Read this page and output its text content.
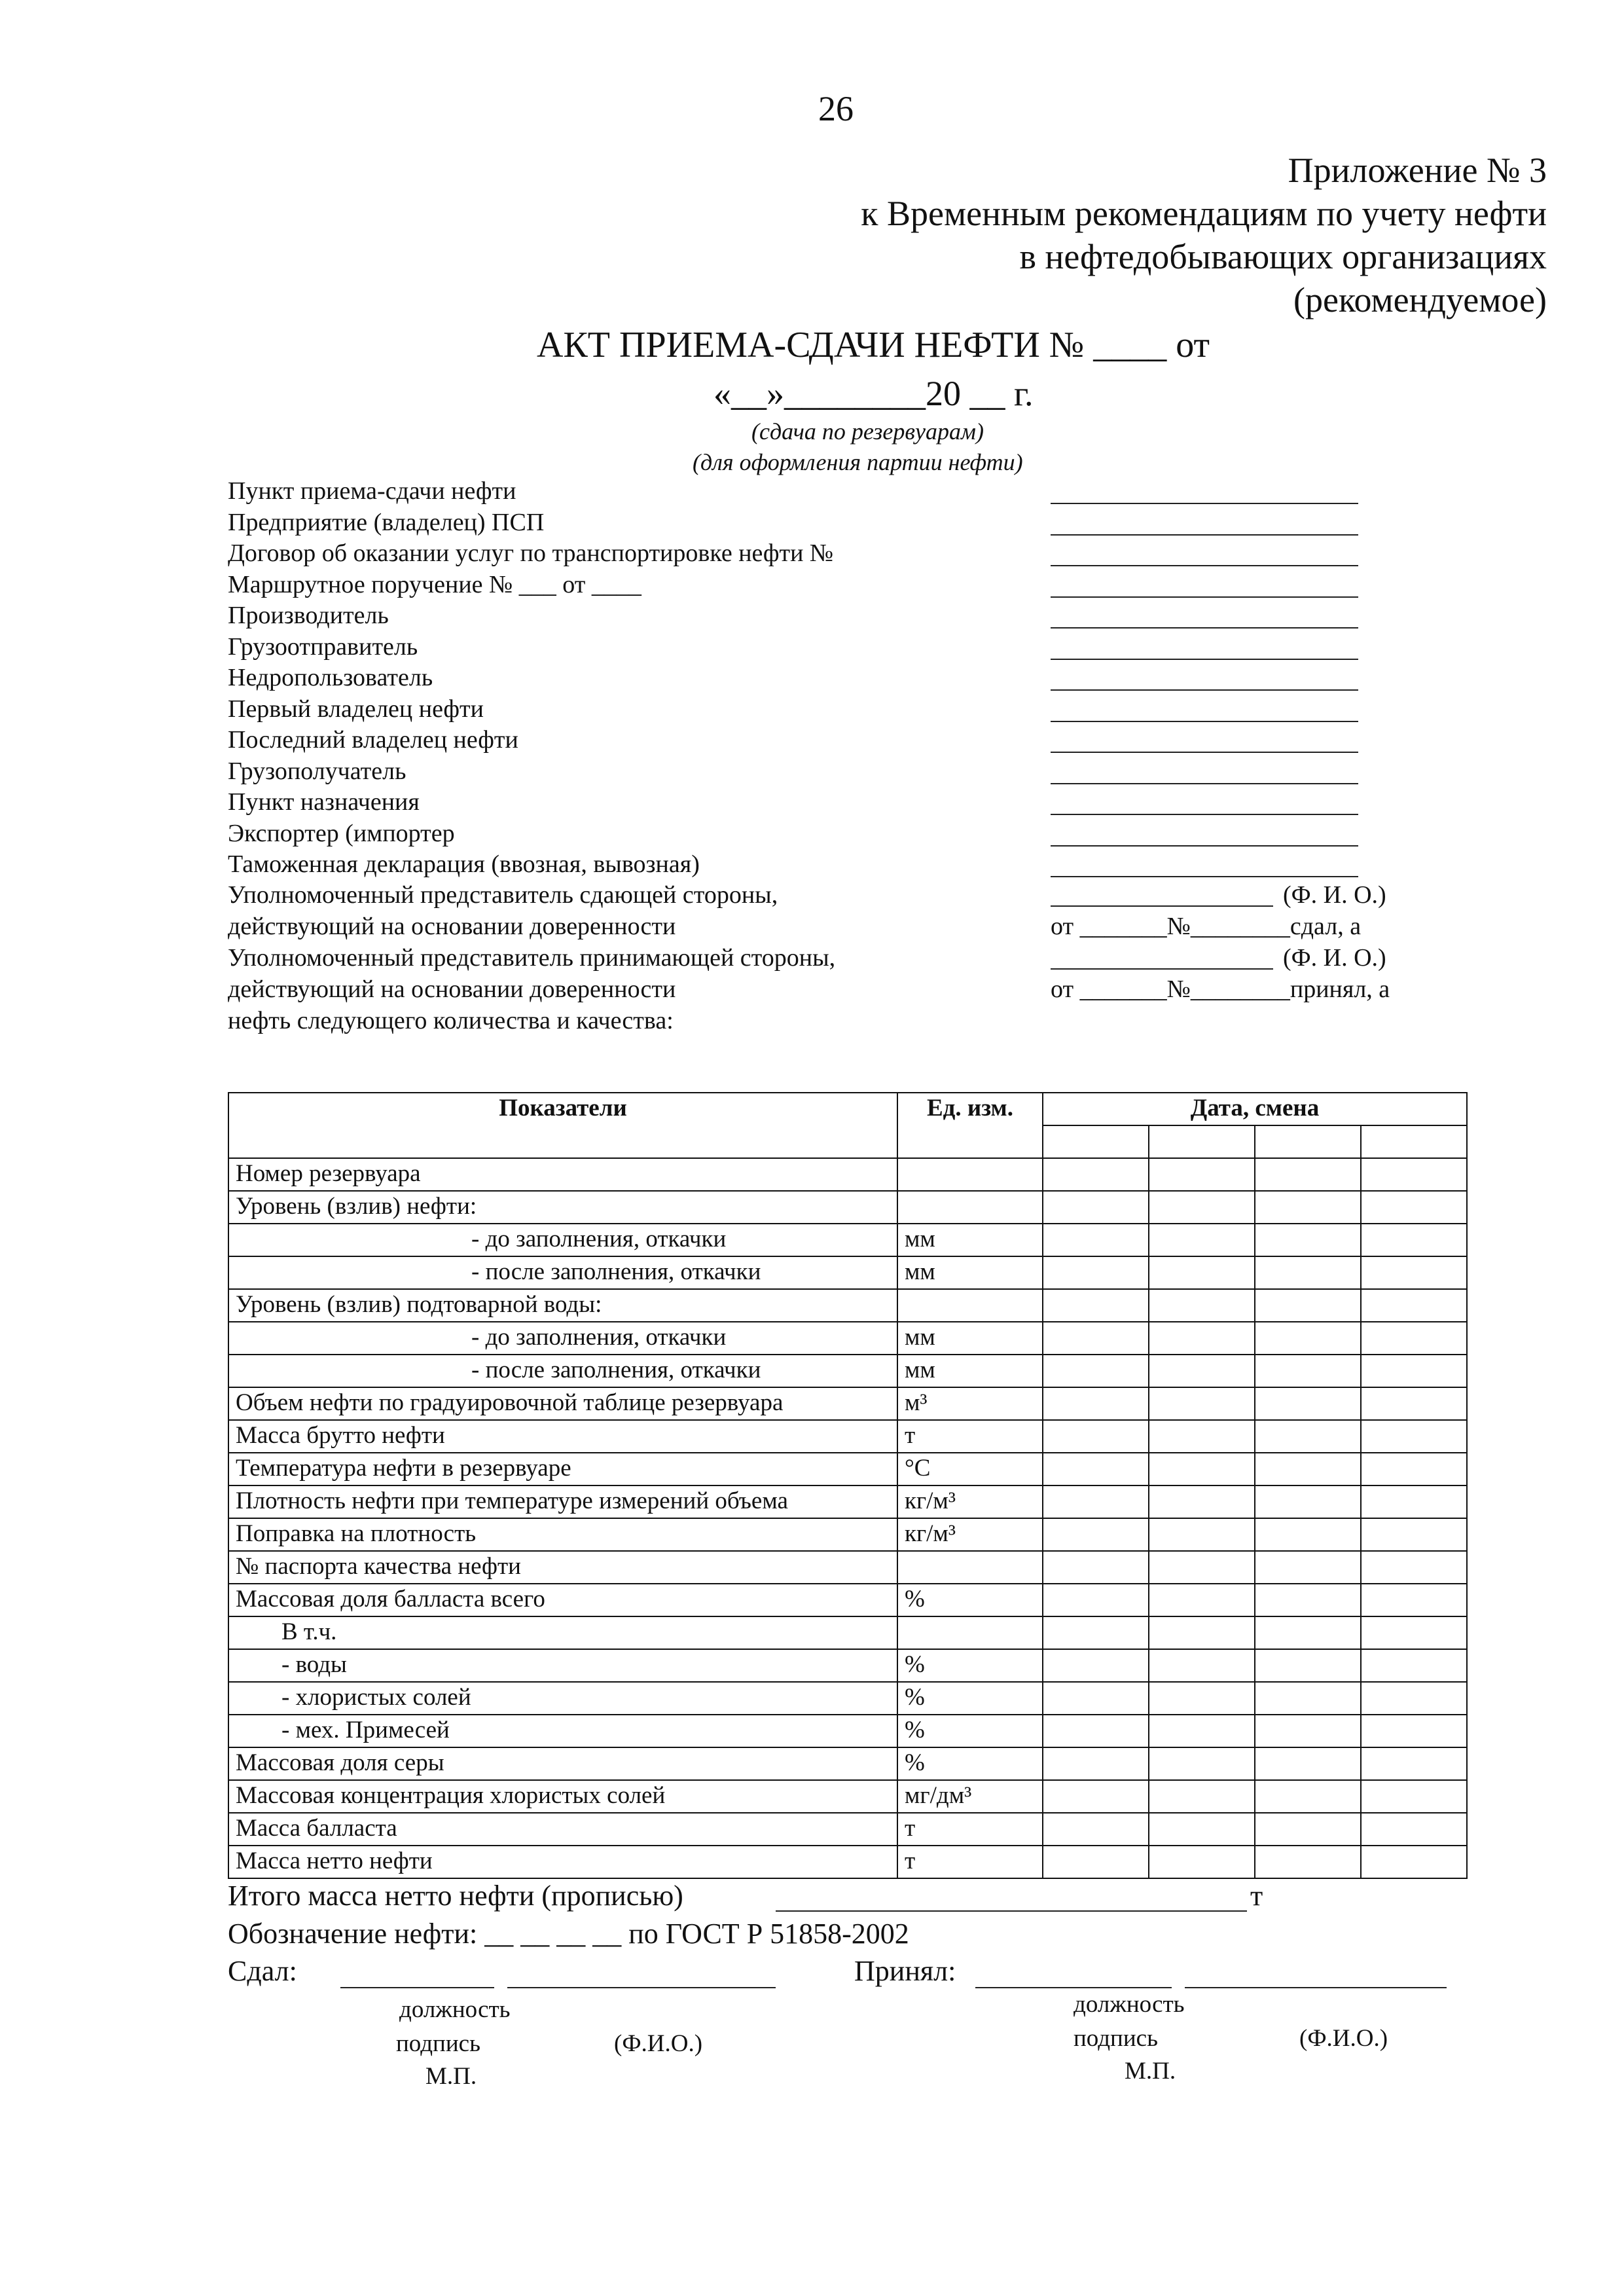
26
Приложение № 3
к Временным рекомендациям по учету нефти
в нефтедобывающих организациях
(рекомендуемое)
АКТ ПРИЕМА-СДАЧИ НЕФТИ № ____ от
«__»________20 __ г.
(сдача по резервуарам)
(для оформления партии нефти)
Пункт приема-сдачи нефти
Предприятие (владелец) ПСП
Договор об оказании услуг по транспортировке нефти №
Маршрутное поручение № ___ от ____
Производитель
Грузоотправитель
Недропользователь
Первый владелец нефти
Последний владелец нефти
Грузополучатель
Пункт назначения
Экспортер (импортер
Таможенная декларация (ввозная, вывозная)
Уполномоченный представитель сдающей стороны,
действующий на основании доверенности
Уполномоченный представитель принимающей стороны,
действующий на основании доверенности
нефть следующего количества и качества:
(Ф. И. О.)
от _______№________сдал, а
(Ф. И. О.)
от _______№________принял, а
Показатели	Ед. изм.	Дата, смена			

Номер резервуара					
Уровень (взлив) нефти:					

- до заполнения, откачки	мм				

- после заполнения, откачки	мм				
Уровень (взлив) подтоварной воды:					

- до заполнения, откачки	мм				

- после заполнения, откачки	мм				
Объем нефти по градуировочной таблице резервуара	м³				
Масса брутто нефти	т				
Температура нефти в резервуаре	°С				
Плотность нефти при температуре измерений объема	кг/м³				
Поправка на плотность	кг/м³				
№ паспорта качества нефти					
Массовая доля балласта всего	%				

В т.ч.					

- воды	%				

- хлористых солей	%				

- мех. Примесей	%				
Массовая доля серы	%				
Массовая концентрация хлористых солей	мг/дм³				
Масса балласта	т				
Масса нетто нефти	т				
Итого масса нетто нефти (прописью)	т
Обозначение нефти: __ __ __ __ по ГОСТ Р 51858-2002
Сдал:	Принял:
должность
подпись	(Ф.И.О.)
М.П.
должность
подпись	(Ф.И.О.)
М.П.
